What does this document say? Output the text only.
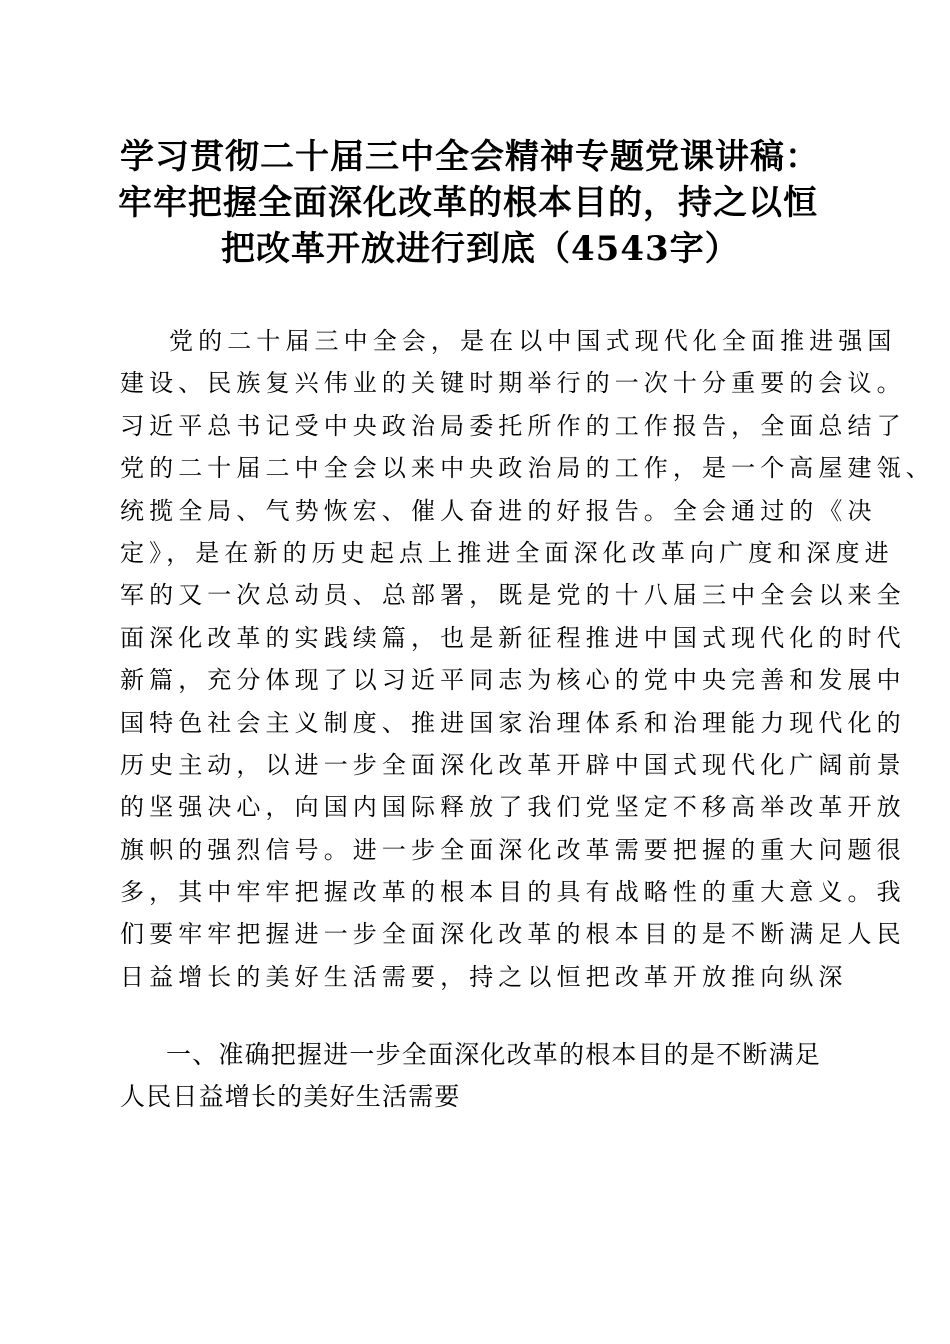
学习贯彻二十届三中全会精神专题党课讲稿：

牢牢把握全面深化改革的根本目的，持之以恒

把改革开放进行到底（4543字）

党的二十届三中全会，是在以中国式现代化全面推进强国

建设、民族复兴伟业的关键时期举行的一次十分重要的会议。

习近平总书记受中央政治局委托所作的工作报告，全面总结了

党的二十届二中全会以来中央政治局的工作，是一个高屋建瓴、

统揽全局、气势恢宏、催人奋进的好报告。全会通过的《决

定》，是在新的历史起点上推进全面深化改革向广度和深度进

军的又一次总动员、总部署，既是党的十八届三中全会以来全

面深化改革的实践续篇，也是新征程推进中国式现代化的时代

新篇，充分体现了以习近平同志为核心的党中央完善和发展中

国特色社会主义制度、推进国家治理体系和治理能力现代化的

历史主动，以进一步全面深化改革开辟中国式现代化广阔前景

的坚强决心，向国内国际释放了我们党坚定不移高举改革开放

旗帜的强烈信号。进一步全面深化改革需要把握的重大问题很

多，其中牢牢把握改革的根本目的具有战略性的重大意义。我

们要牢牢把握进一步全面深化改革的根本目的是不断满足人民

日益增长的美好生活需要，持之以恒把改革开放推向纵深

一、准确把握进一步全面深化改革的根本目的是不断满足

人民日益增长的美好生活需要
